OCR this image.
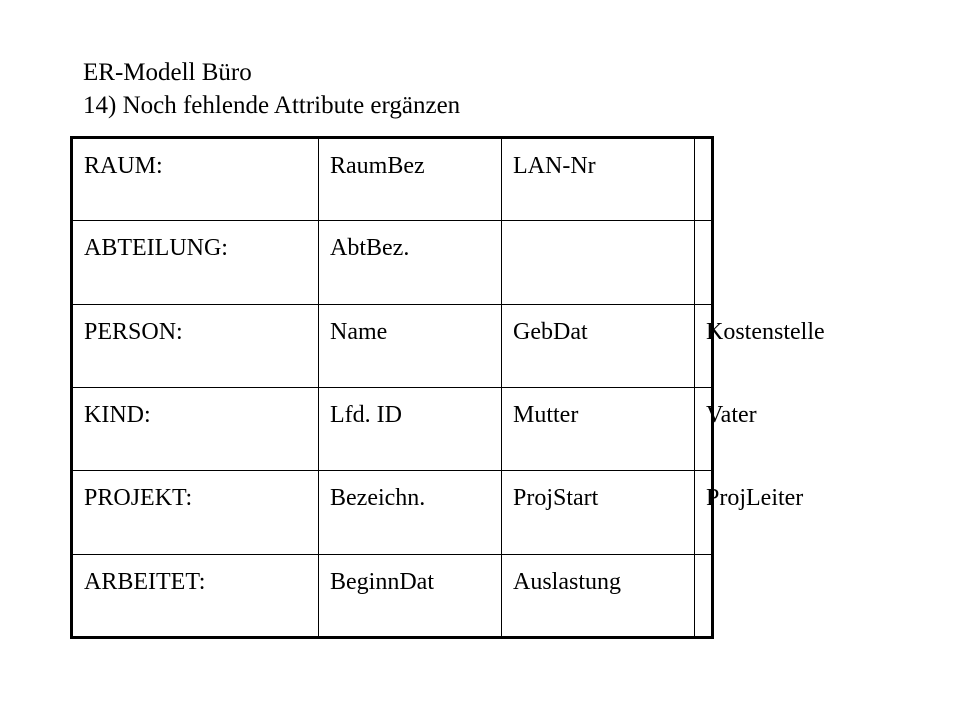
ER-Modell Büro
14) Noch fehlende Attribute ergänzen
RAUM:	RaumBez	LAN-Nr	
ABTEILUNG:	AbtBez.		
PERSON:	Name	GebDat	Kostenstelle
KIND:	Lfd. ID	Mutter	Vater
PROJEKT:	Bezeichn.	ProjStart	ProjLeiter
ARBEITET:	BeginnDat	Auslastung	
